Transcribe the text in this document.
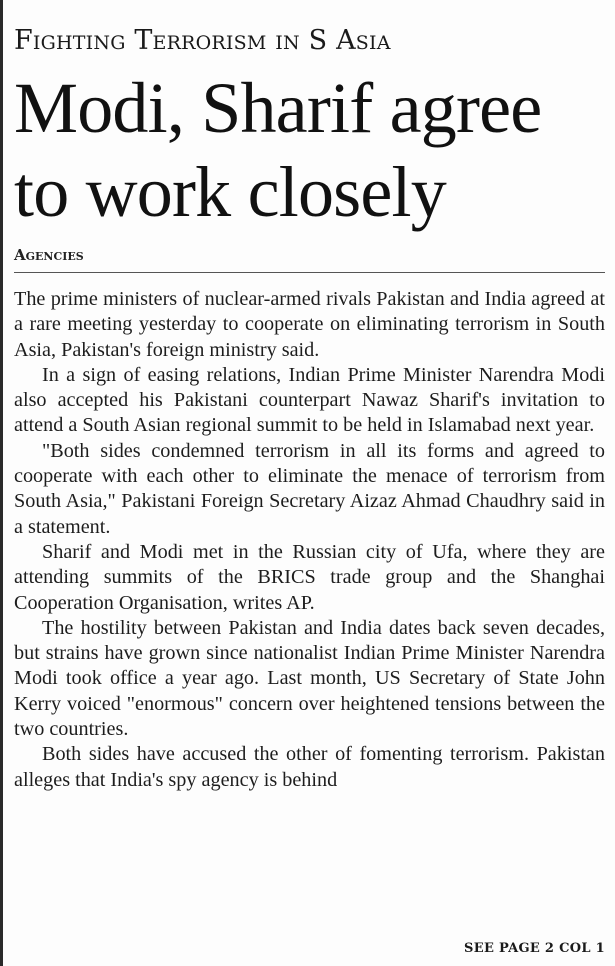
Fighting Terrorism in S Asia
Modi, Sharif agree to work closely
Agencies

The prime ministers of nuclear-armed rivals Pakistan and India agreed at a rare meeting yesterday to cooperate on eliminating terrorism in South Asia, Pakistan's foreign ministry said.

In a sign of easing relations, Indian Prime Minister Narendra Modi also accepted his Pakistani counterpart Nawaz Sharif's invitation to attend a South Asian regional summit to be held in Islamabad next year.

"Both sides condemned terrorism in all its forms and agreed to cooperate with each other to eliminate the menace of terrorism from South Asia," Pakistani Foreign Secretary Aizaz Ahmad Chaudhry said in a statement.

Sharif and Modi met in the Russian city of Ufa, where they are attending summits of the BRICS trade group and the Shanghai Cooperation Organisation, writes AP.

The hostility between Pakistan and India dates back seven decades, but strains have grown since nationalist Indian Prime Minister Narendra Modi took office a year ago. Last month, US Secretary of State John Kerry voiced "enormous" concern over heightened tensions between the two countries.

Both sides have accused the other of fomenting terrorism. Pakistan alleges that India's spy agency is behind

SEE PAGE 2 COL 1
